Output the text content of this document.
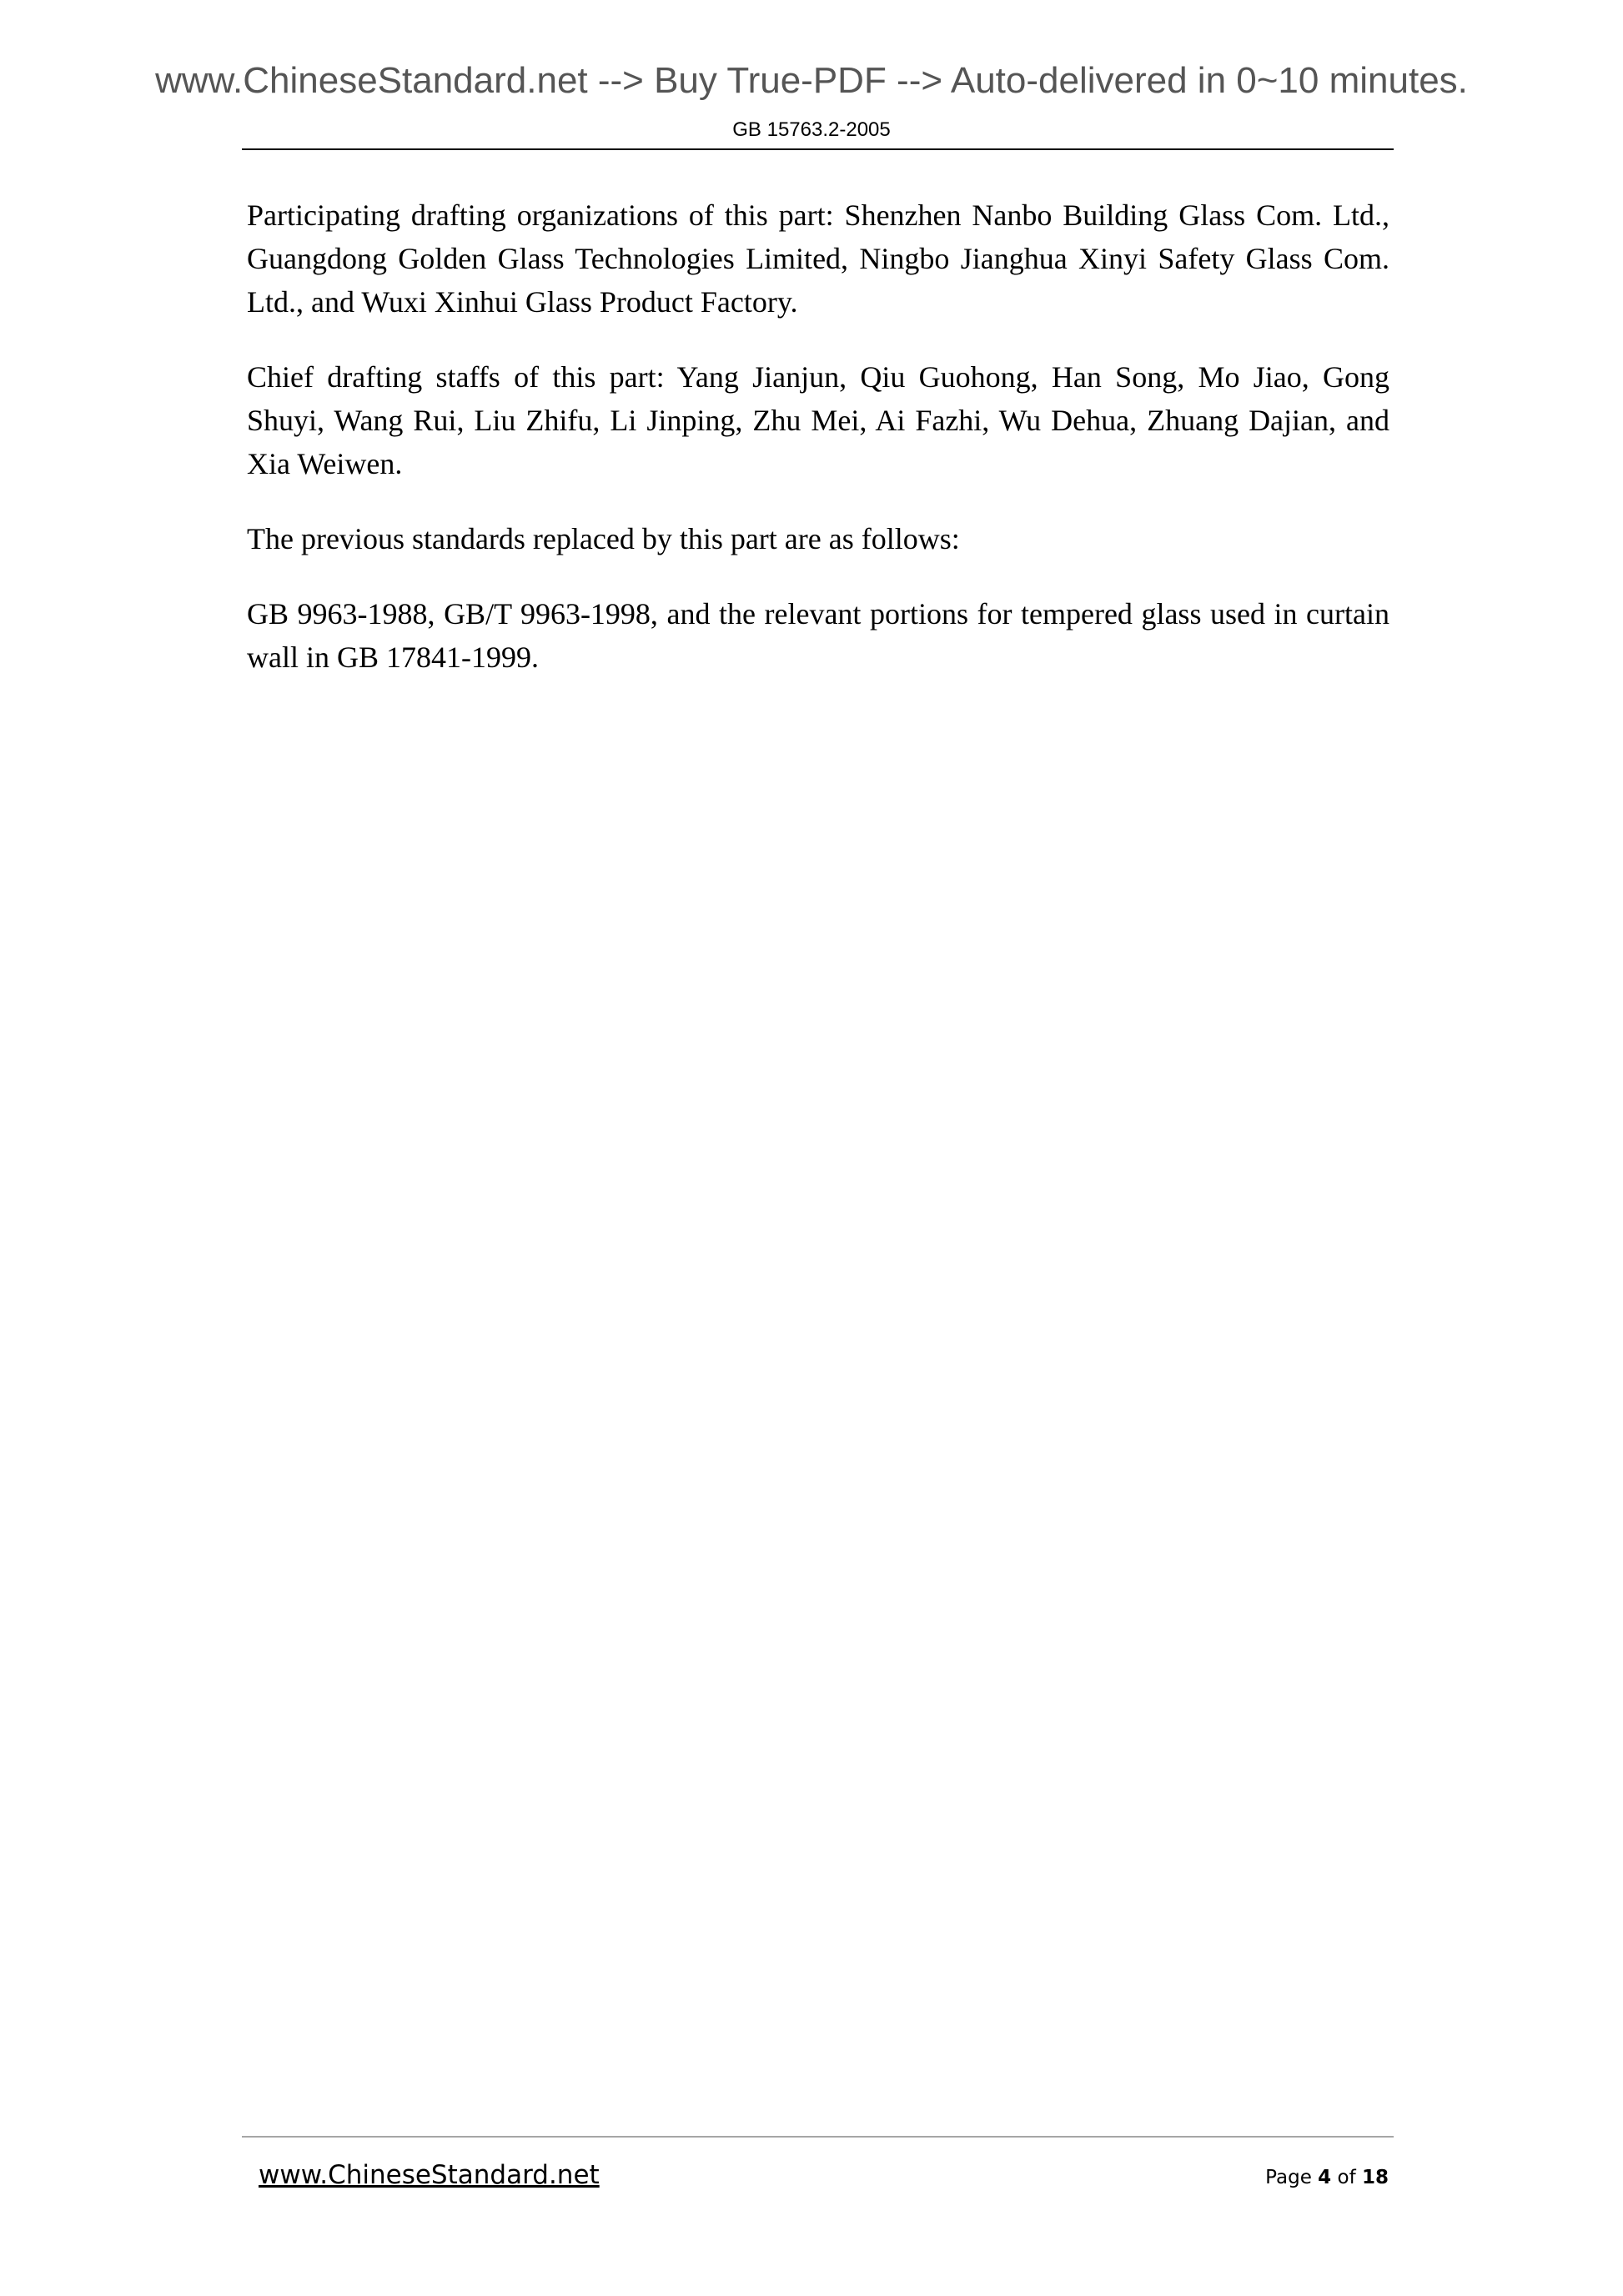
www.ChineseStandard.net --> Buy True-PDF --> Auto-delivered in 0~10 minutes.
GB 15763.2-2005

Participating drafting organizations of this part: Shenzhen Nanbo Building Glass Com. Ltd., Guangdong Golden Glass Technologies Limited, Ningbo Jianghua Xinyi Safety Glass Com. Ltd., and Wuxi Xinhui Glass Product Factory.

Chief drafting staffs of this part: Yang Jianjun, Qiu Guohong, Han Song, Mo Jiao, Gong Shuyi, Wang Rui, Liu Zhifu, Li Jinping, Zhu Mei, Ai Fazhi, Wu Dehua, Zhuang Dajian, and Xia Weiwen.

The previous standards replaced by this part are as follows:

GB 9963-1988, GB/T 9963-1998, and the relevant portions for tempered glass used in curtain wall in GB 17841-1999.

www.ChineseStandard.net	Page 4 of 18
